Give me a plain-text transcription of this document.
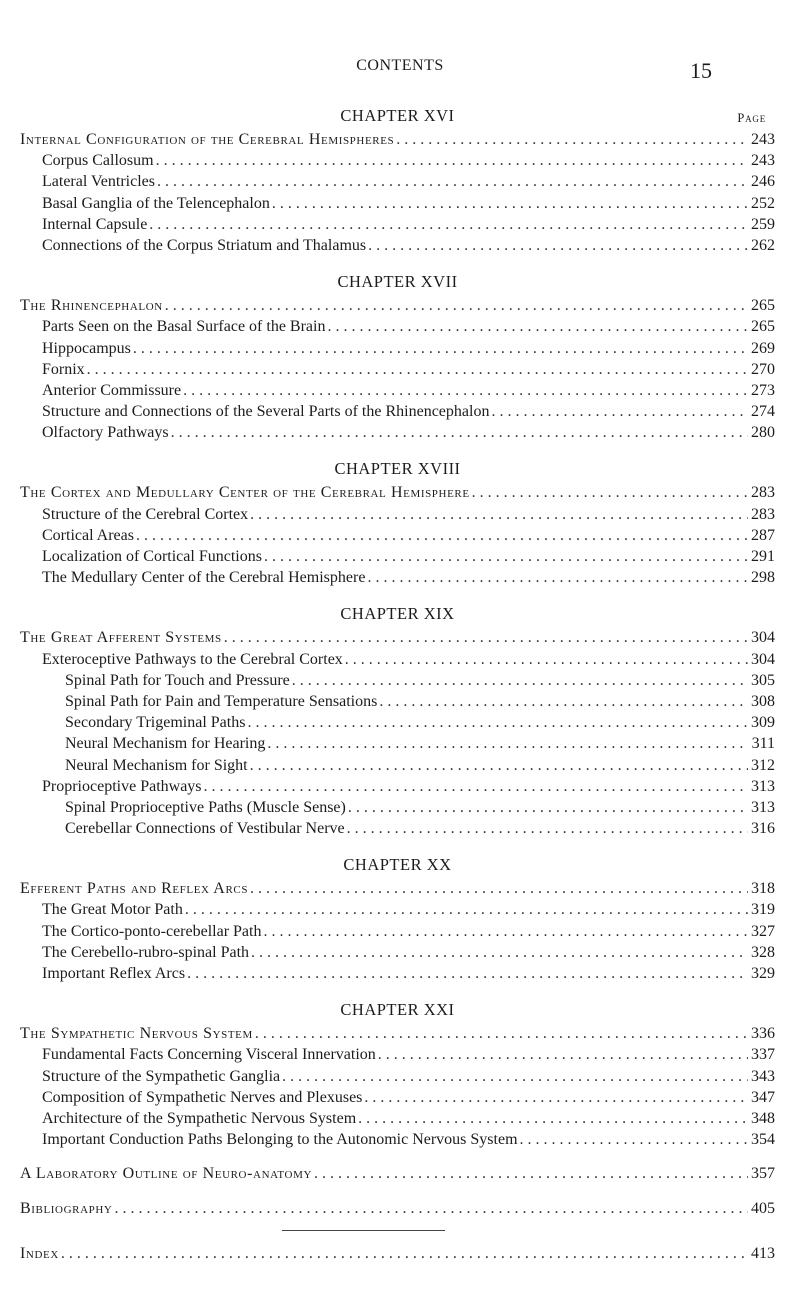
CONTENTS	15
CHAPTER XVI	Page
Internal Configuration of the Cerebral Hemispheres . . .	243
Corpus Callosum . . .	243
Lateral Ventricles . . .	246
Basal Ganglia of the Telencephalon . . .	252
Internal Capsule . . .	259
Connections of the Corpus Striatum and Thalamus . . .	262
CHAPTER XVII
The Rhinencephalon . . .	265
Parts Seen on the Basal Surface of the Brain . . .	265
Hippocampus . . .	269
Fornix . . .	270
Anterior Commissure . . .	273
Structure and Connections of the Several Parts of the Rhinencephalon . . .	274
Olfactory Pathways . . .	280
CHAPTER XVIII
The Cortex and Medullary Center of the Cerebral Hemisphere . . .	283
Structure of the Cerebral Cortex . . .	283
Cortical Areas . . .	287
Localization of Cortical Functions . . .	291
The Medullary Center of the Cerebral Hemisphere . . .	298
CHAPTER XIX
The Great Afferent Systems . . .	304
Exteroceptive Pathways to the Cerebral Cortex . . .	304
Spinal Path for Touch and Pressure . . .	305
Spinal Path for Pain and Temperature Sensations . . .	308
Secondary Trigeminal Paths . . .	309
Neural Mechanism for Hearing . . .	311
Neural Mechanism for Sight . . .	312
Proprioceptive Pathways . . .	313
Spinal Proprioceptive Paths (Muscle Sense) . . .	313
Cerebellar Connections of Vestibular Nerve . . .	316
CHAPTER XX
Efferent Paths and Reflex Arcs . . .	318
The Great Motor Path . . .	319
The Cortico-ponto-cerebellar Path . . .	327
The Cerebello-rubro-spinal Path . . .	328
Important Reflex Arcs . . .	329
CHAPTER XXI
The Sympathetic Nervous System . . .	336
Fundamental Facts Concerning Visceral Innervation . . .	337
Structure of the Sympathetic Ganglia . . .	343
Composition of Sympathetic Nerves and Plexuses . . .	347
Architecture of the Sympathetic Nervous System . . .	348
Important Conduction Paths Belonging to the Autonomic Nervous System . . .	354
A Laboratory Outline of Neuro-anatomy . . .	357
Bibliography . . .	405
Index . . .	413
